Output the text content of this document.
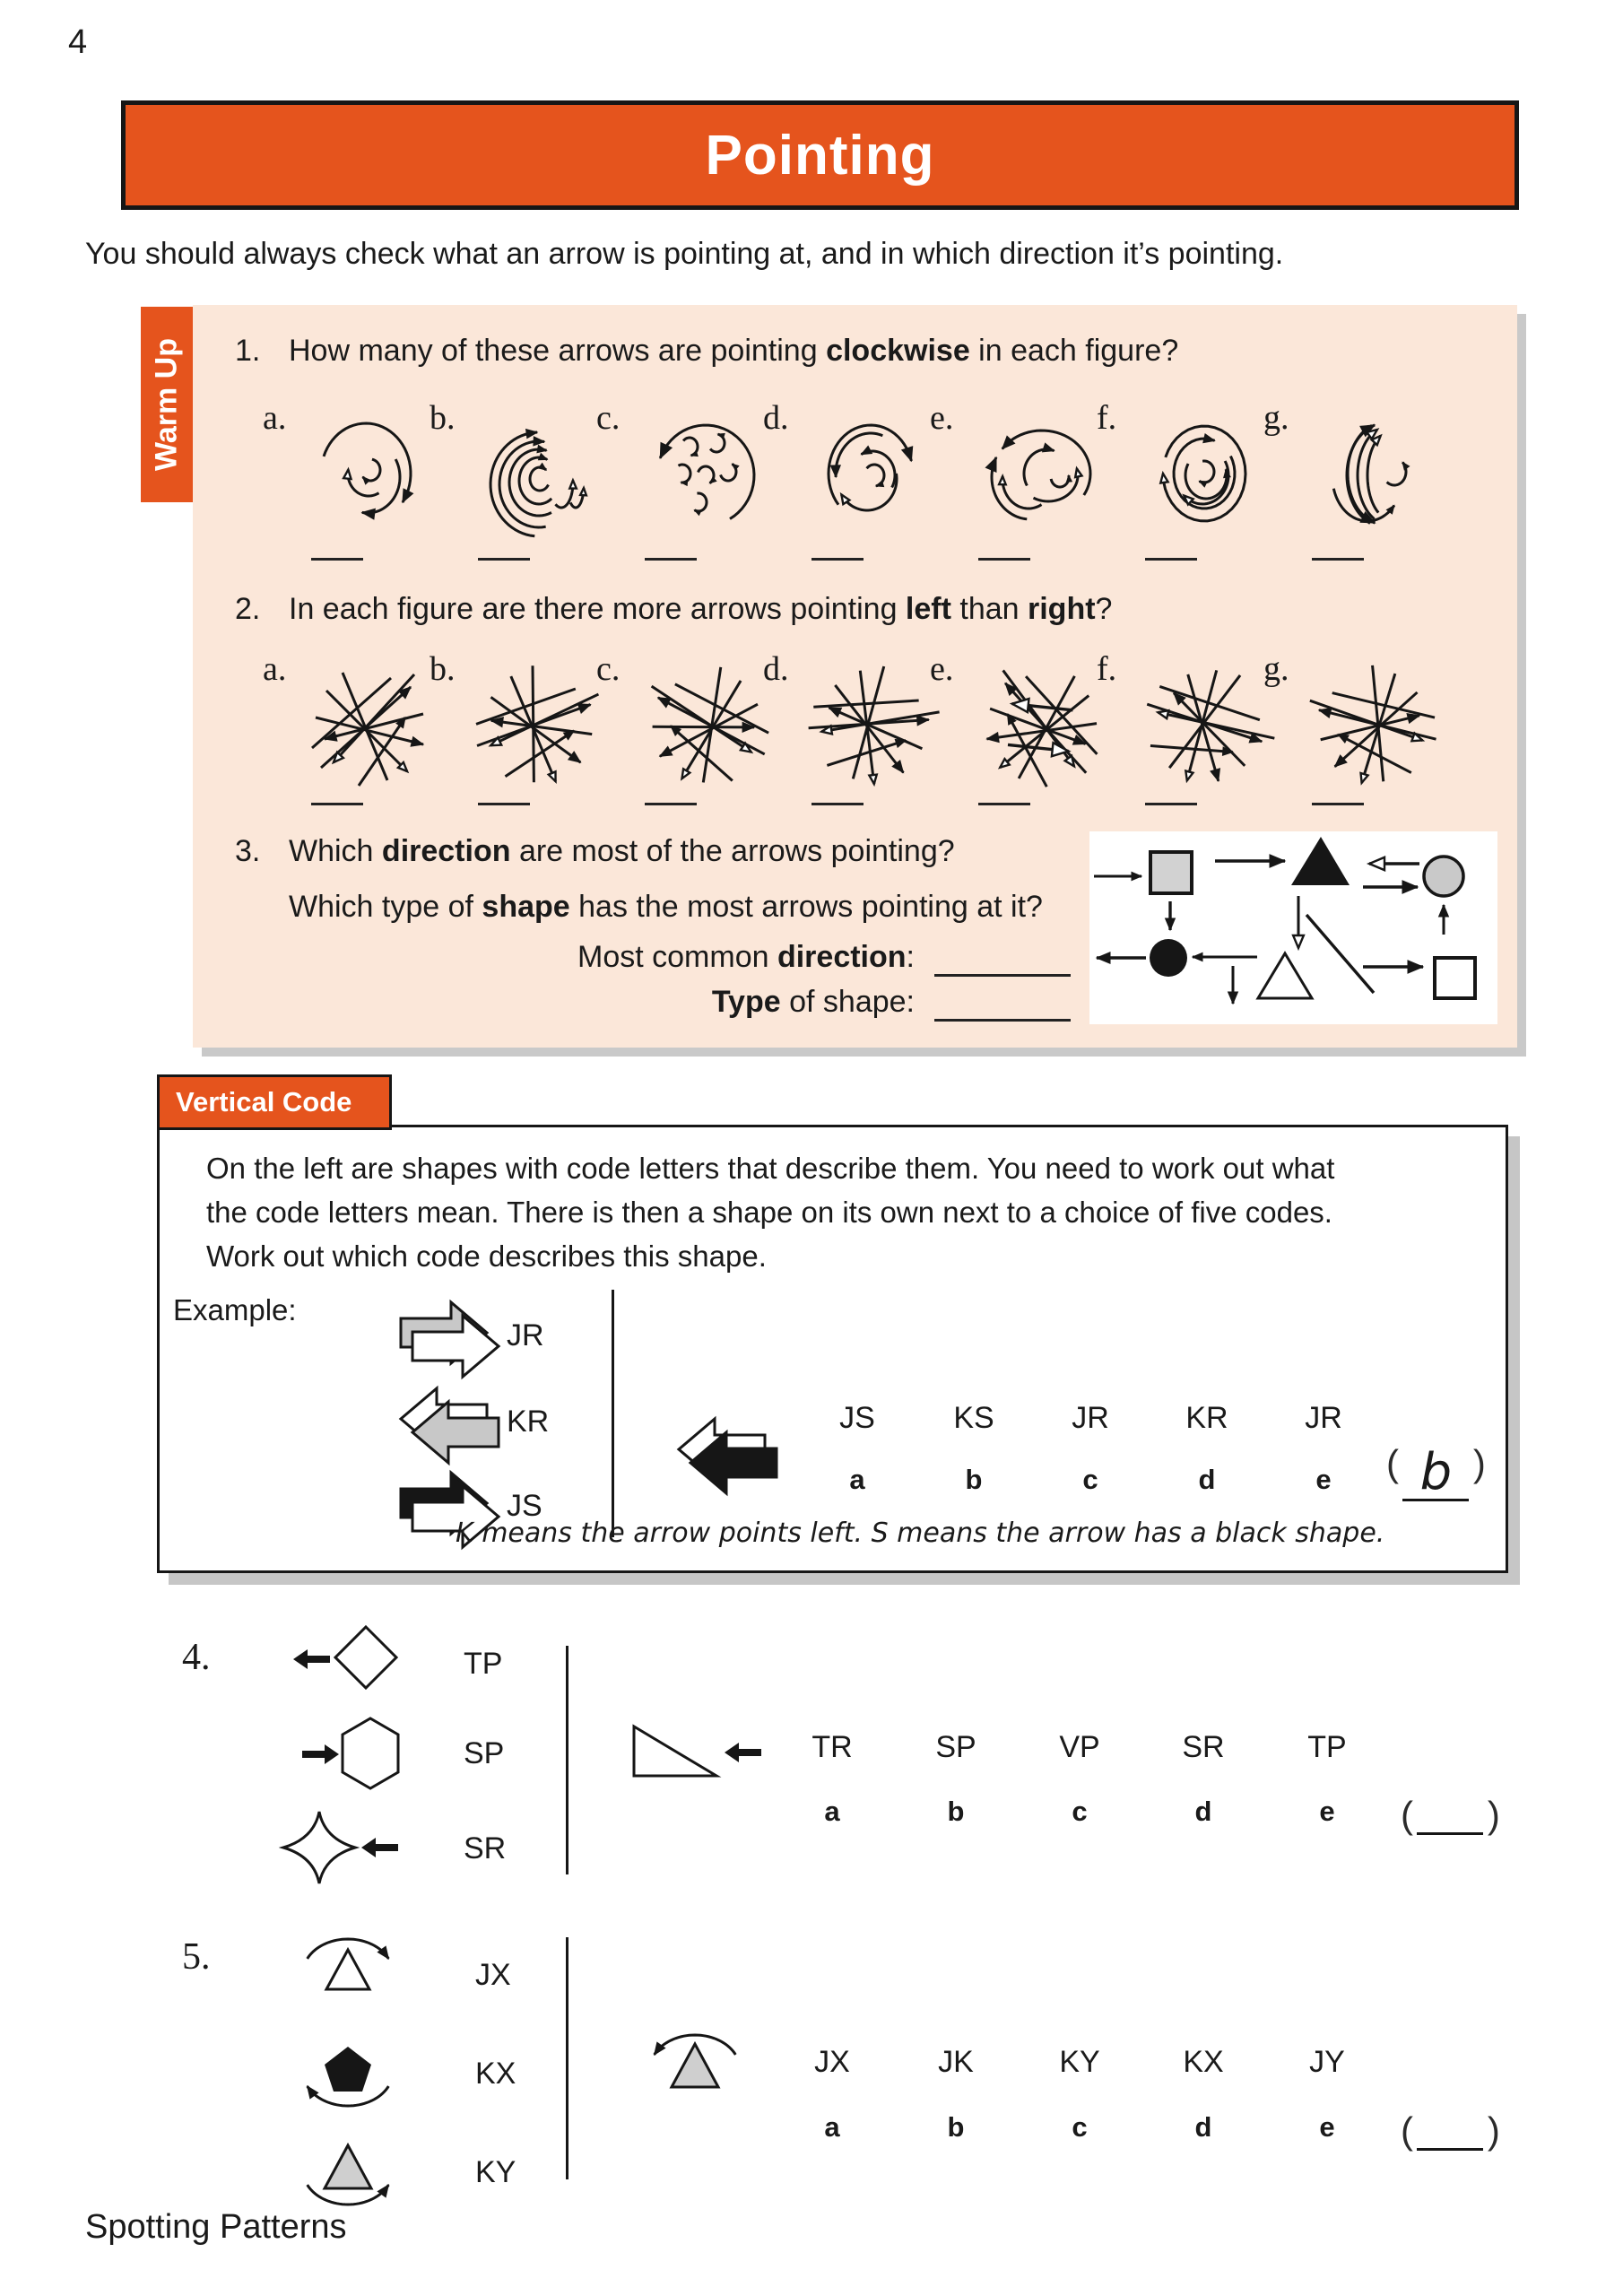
4
Pointing
You should always check what an arrow is pointing at, and in which direction it’s pointing.
Warm Up 1. How many of these arrows are pointing clockwise in each figure?
a.	b.	c.	d.	e.	f.	g.
2. In each figure are there more arrows pointing left than right?
a.	b.	c.	d.	e.	f.	g.
3. Which direction are most of the arrows pointing?
Which type of shape has the most arrows pointing at it?
Most common direction:
Type of shape:
Vertical Code
On the left are shapes with code letters that describe them. You need to work out what
the code letters mean. There is then a shape on its own next to a choice of five codes.
Work out which code describes this shape.
Example:
JR
KR
JS
JS	KS	JR	KR	JR
a	b	c	d	e	( b )
K means the arrow points left. S means the arrow has a black shape.
4.	TP
SP
SR
TR	SP	VP	SR	TP
a	b	c	d	e	( )
5.	JX
KX
KY
JX	JK	KY	KX	JY
a	b	c	d	e	( )
Spotting Patterns
